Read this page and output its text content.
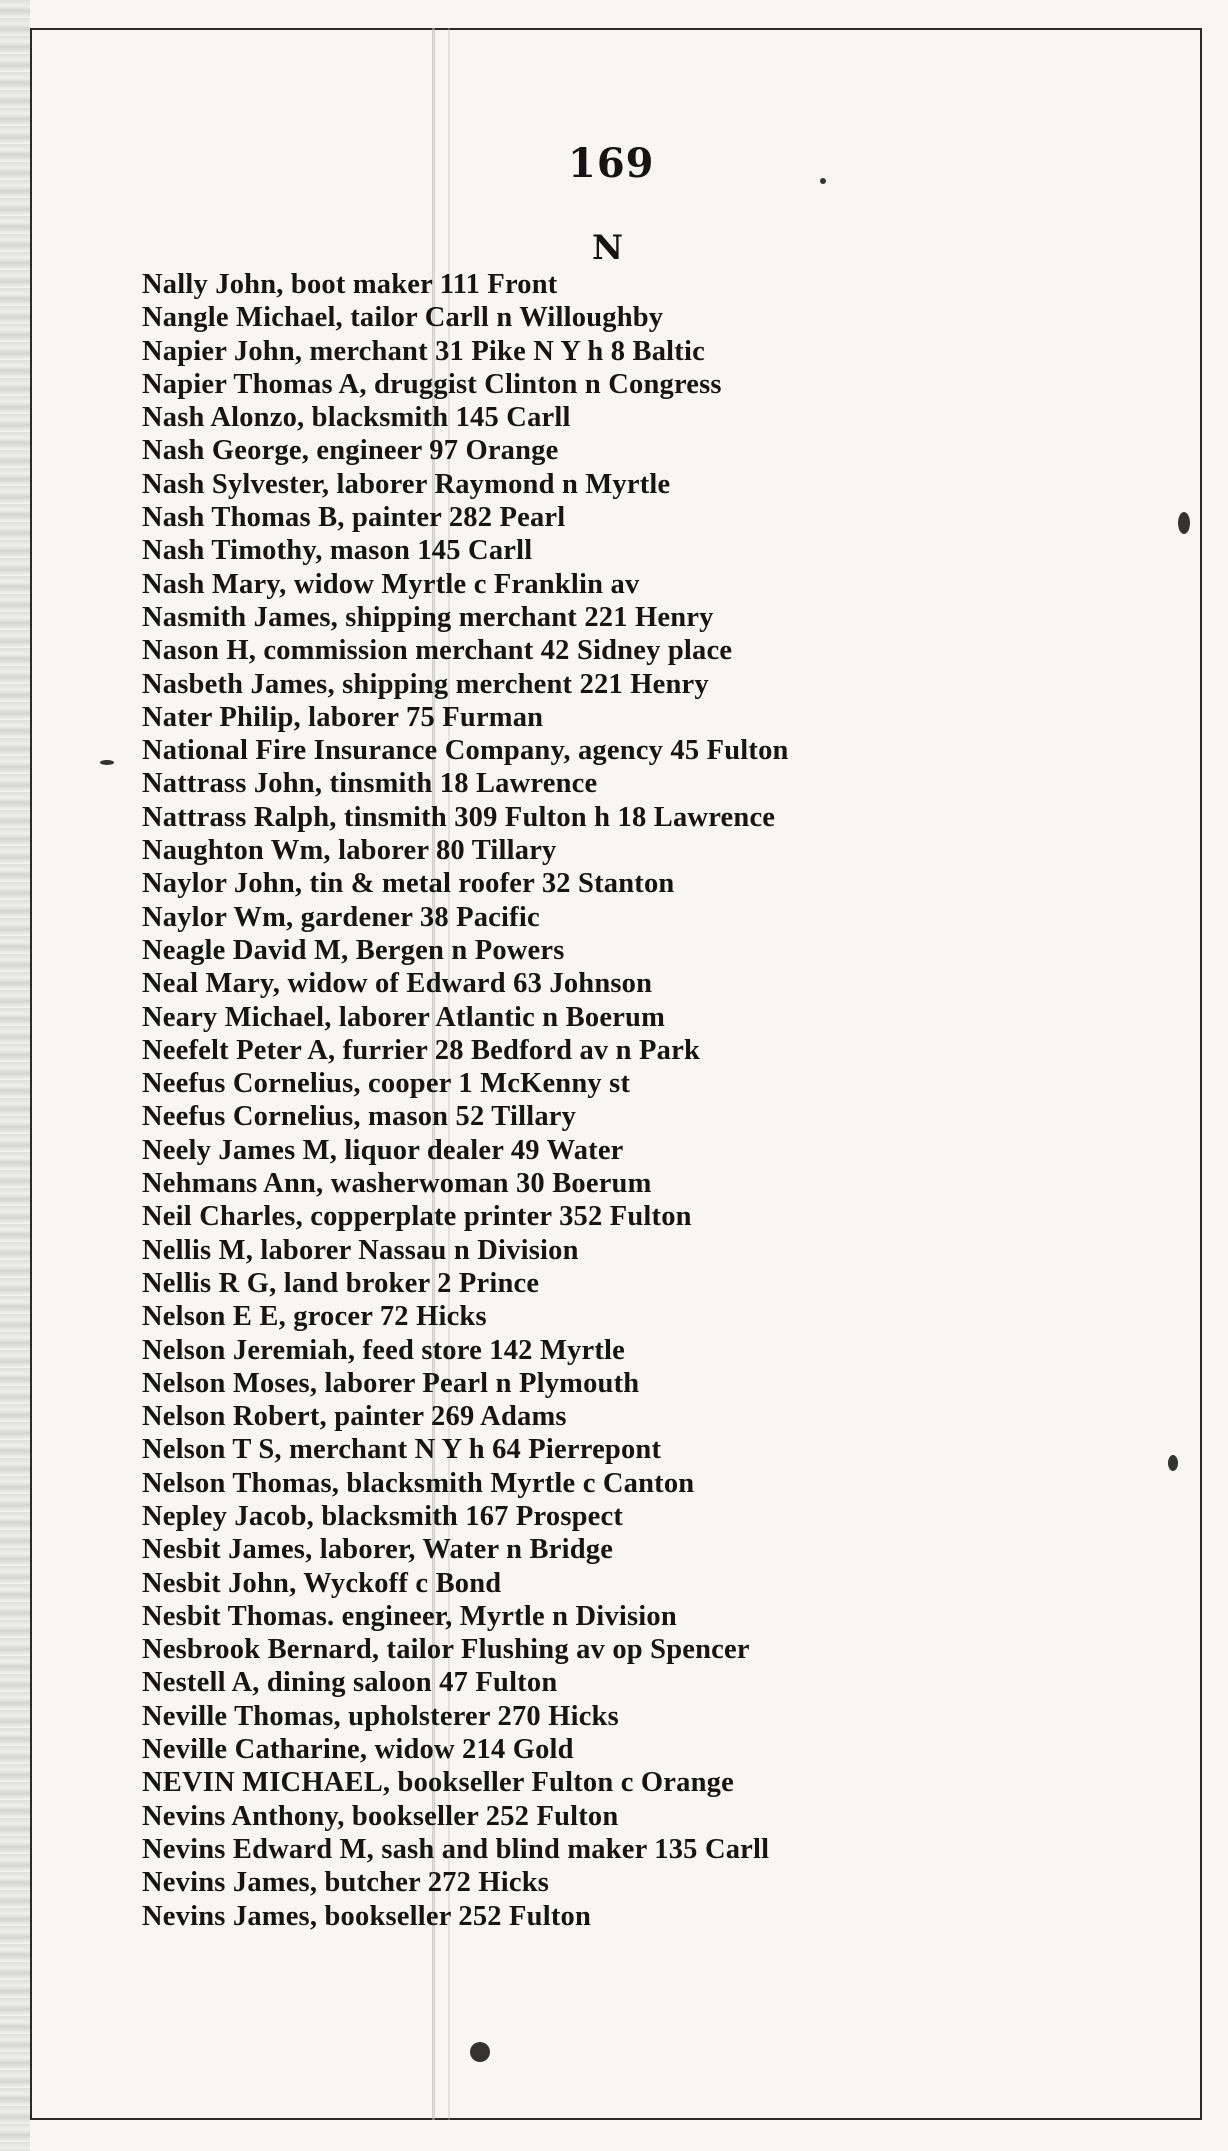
169
N
Nally John, boot maker 111 Front
Nangle Michael, tailor Carll n Willoughby
Napier John, merchant 31 Pike N Y h 8 Baltic
Napier Thomas A, druggist Clinton n Congress
Nash Alonzo, blacksmith 145 Carll
Nash George, engineer 97 Orange
Nash Sylvester, laborer Raymond n Myrtle
Nash Thomas B, painter 282 Pearl
Nash Timothy, mason 145 Carll
Nash Mary, widow Myrtle c Franklin av
Nasmith James, shipping merchant 221 Henry
Nason H, commission merchant 42 Sidney place
Nasbeth James, shipping merchent 221 Henry
Nater Philip, laborer 75 Furman
National Fire Insurance Company, agency 45 Fulton
Nattrass John, tinsmith 18 Lawrence
Nattrass Ralph, tinsmith 309 Fulton h 18 Lawrence
Naughton Wm, laborer 80 Tillary
Naylor John, tin & metal roofer 32 Stanton
Naylor Wm, gardener 38 Pacific
Neagle David M, Bergen n Powers
Neal Mary, widow of Edward 63 Johnson
Neary Michael, laborer Atlantic n Boerum
Neefelt Peter A, furrier 28 Bedford av n Park
Neefus Cornelius, cooper 1 McKenny st
Neefus Cornelius, mason 52 Tillary
Neely James M, liquor dealer 49 Water
Nehmans Ann, washerwoman 30 Boerum
Neil Charles, copperplate printer 352 Fulton
Nellis M, laborer Nassau n Division
Nellis R G, land broker 2 Prince
Nelson E E, grocer 72 Hicks
Nelson Jeremiah, feed store 142 Myrtle
Nelson Moses, laborer Pearl n Plymouth
Nelson Robert, painter 269 Adams
Nelson T S, merchant N Y h 64 Pierrepont
Nelson Thomas, blacksmith Myrtle c Canton
Nepley Jacob, blacksmith 167 Prospect
Nesbit James, laborer, Water n Bridge
Nesbit John, Wyckoff c Bond
Nesbit Thomas. engineer, Myrtle n Division
Nesbrook Bernard, tailor Flushing av op Spencer
Nestell A, dining saloon 47 Fulton
Neville Thomas, upholsterer 270 Hicks
Neville Catharine, widow 214 Gold
NEVIN MICHAEL, bookseller Fulton c Orange
Nevins Anthony, bookseller 252 Fulton
Nevins Edward M, sash and blind maker 135 Carll
Nevins James, butcher 272 Hicks
Nevins James, bookseller 252 Fulton
